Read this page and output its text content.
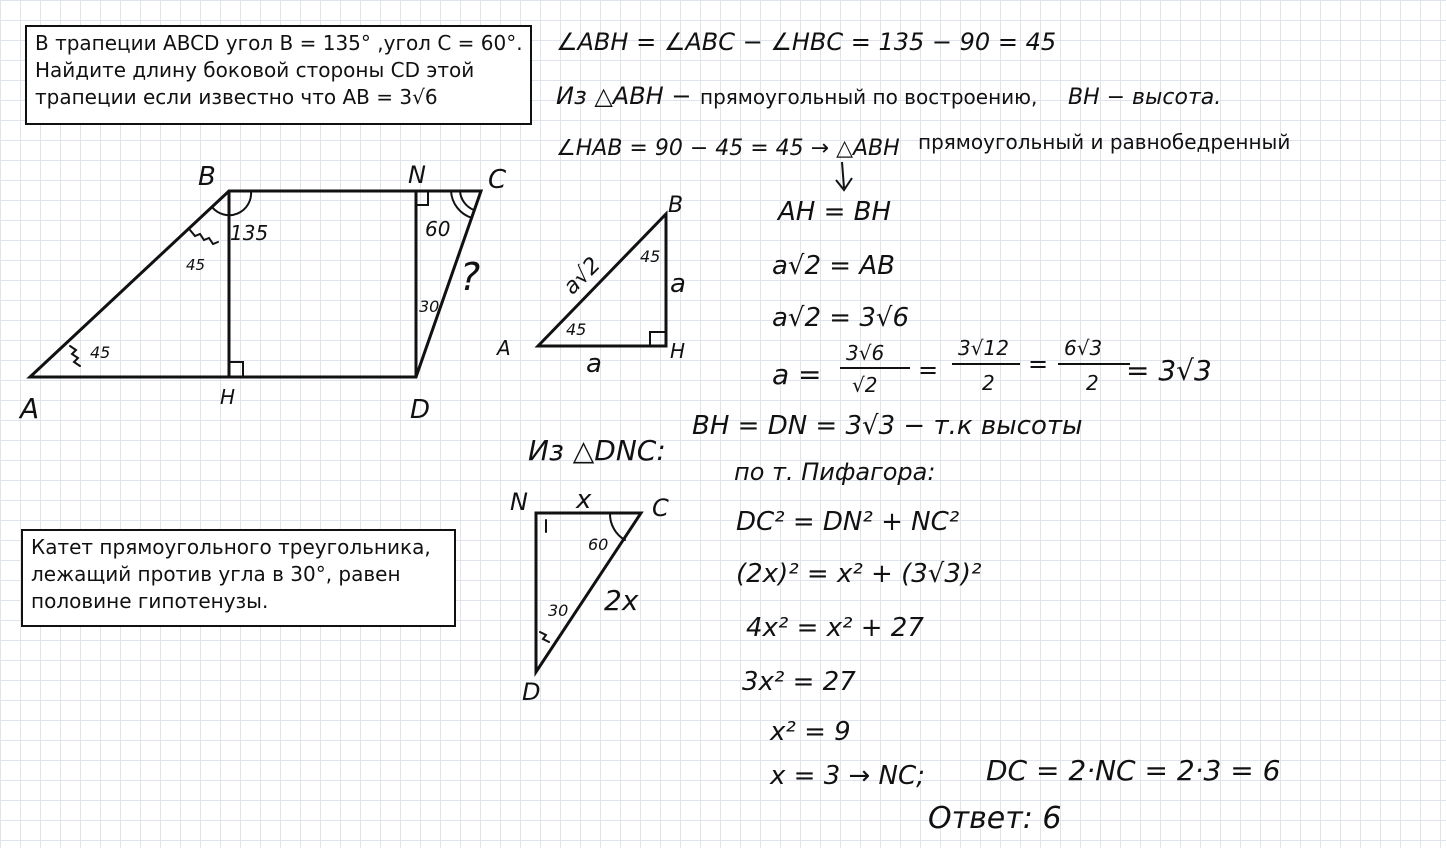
В трапеции ABCD угол B = 135° ,угол C = 60°.
Найдите длину боковой стороны CD этой
трапеции если известно что AB = 3√6
Катет прямоугольного треугольника,
лежащий против угла в 30°, равен
половине гипотенузы.
A
B	N C
H	D
45
45
135	60
30
?
B
A	H
a√2 a
a
45
45
Из △DNC:
N	C
D
x
2x
60
30
∠ABH = ∠ABC − ∠HBC = 135 − 90 = 45
Из △ABH − прямоугольный по востроению, BH − высота.
∠HAB = 90 − 45 = 45 → △ABH прямоугольный и равнобедренный
AH = BH
a√2 = AB
a√2 = 3√6
a =
3√6
√2
=
3√12
2
=
6√3
2 = 3√3
BH = DN = 3√3 − т.к высоты
по т. Пифагора:
DC² = DN² + NC²
(2x)² = x² + (3√3)²
4x² = x² + 27
3x² = 27
x² = 9
x = 3 → NC; DC = 2·NC = 2·3 = 6
Ответ: 6
